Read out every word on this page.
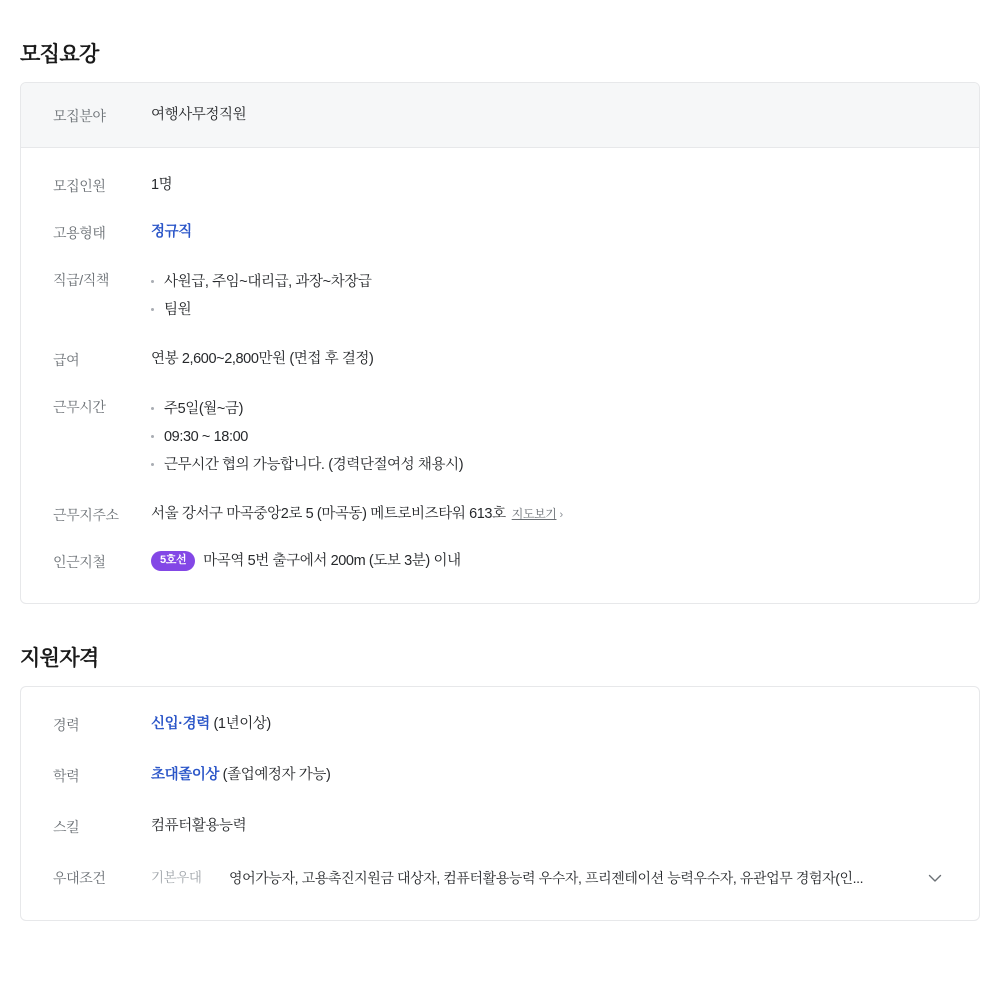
모집요강
모집분야	여행사무정직원
모집인원	1명
고용형태	정규직
직급/직책	사원급, 주임~대리급, 과장~차장급
팀원
급여	연봉 2,600~2,800만원 (면접 후 결정)
근무시간	주5일(월~금)
09:30 ~ 18:00
근무시간 협의 가능합니다. (경력단절여성 채용시)
근무지주소	서울 강서구 마곡중앙2로 5 (마곡동) 메트로비즈타워 613호 지도보기 ›
인근지철	5호선 마곡역 5번 출구에서 200m (도보 3분) 이내
지원자격
경력	신입·경력 (1년이상)
학력	초대졸이상 (졸업예정자 가능)
스킬	컴퓨터활용능력
우대조건	기본우대	영어가능자, 고용촉진지원금 대상자, 컴퓨터활용능력 우수자, 프리젠테이션 능력우수자, 유관업무 경험자(인...
